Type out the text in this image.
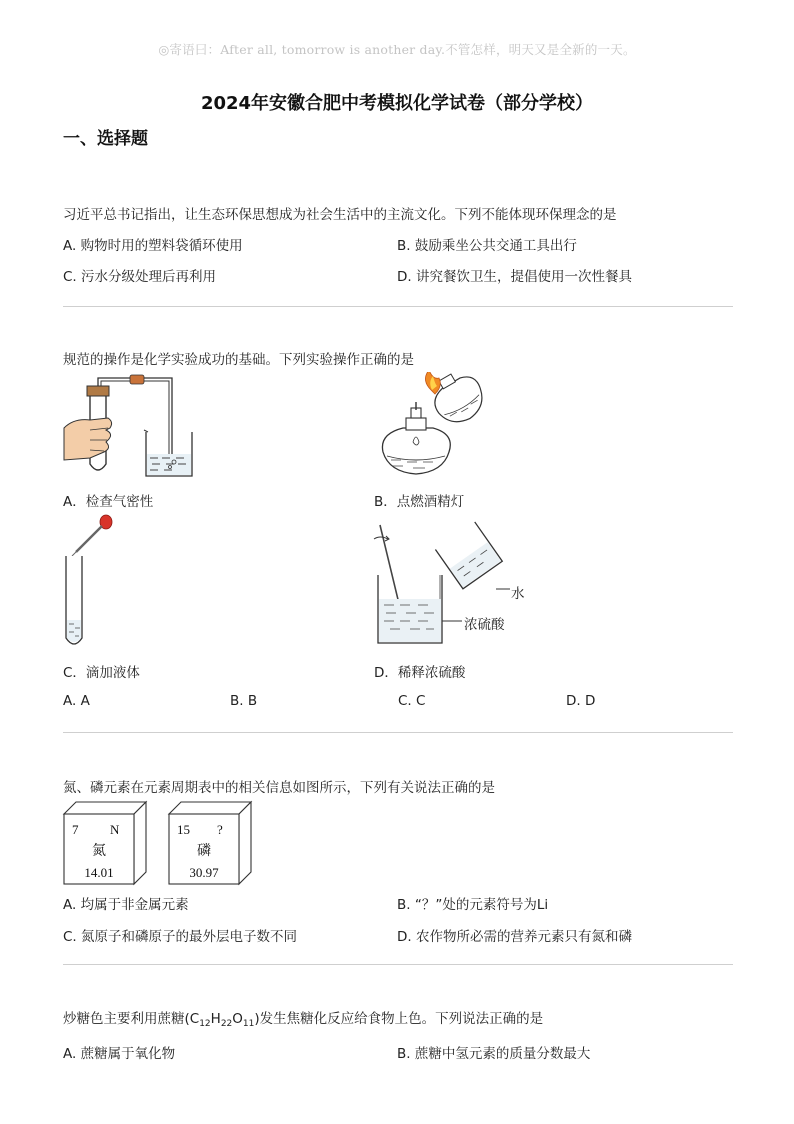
◎寄语曰：After all, tomorrow is another day.不管怎样，明天又是全新的一天。
2024年安徽合肥中考模拟化学试卷（部分学校）
一、选择题
习近平总书记指出，让生态环保思想成为社会生活中的主流文化。下列不能体现环保理念的是
A. 购物时用的塑料袋循环使用	B. 鼓励乘坐公共交通工具出行
C. 污水分级处理后再利用	D. 讲究餐饮卫生，提倡使用一次性餐具
规范的操作是化学实验成功的基础。下列实验操作正确的是
A．检查气密性	B．点燃酒精灯
C．滴加液体
水
浓硫酸
D．稀释浓硫酸
A. A	B. B	C. C	D. D
氮、磷元素在元素周期表中的相关信息如图所示，下列有关说法正确的是
7 N
氮
14.01
15 ?
磷
30.97
A. 均属于非金属元素	B. “？”处的元素符号为Li
C. 氮原子和磷原子的最外层电子数不同	D. 农作物所必需的营养元素只有氮和磷
炒糖色主要利用蔗糖$(C_{12}H_{22}O_{11})$发生焦糖化反应给食物上色。下列说法正确的是
A. 蔗糖属于氧化物	B. 蔗糖中氢元素的质量分数最大
